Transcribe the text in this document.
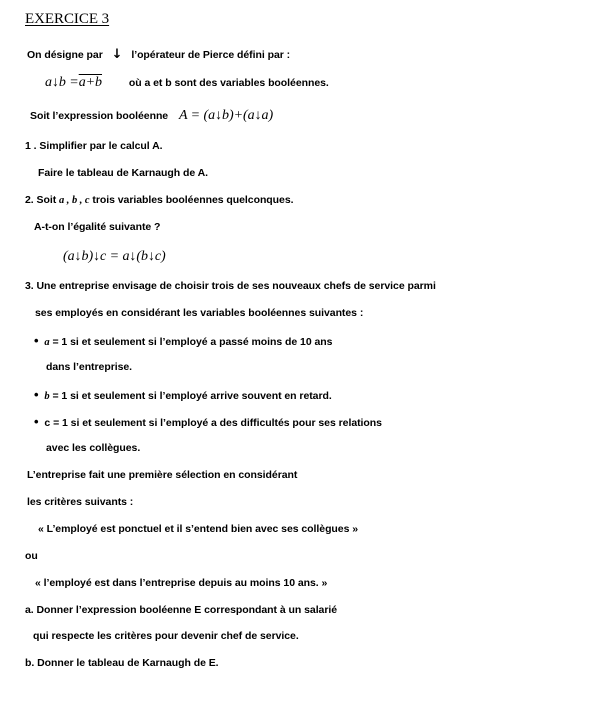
EXERCICE 3
On désigne par ↓ l’opérateur de Pierce défini par :
a↓b =a+b	où a et b sont des variables booléennes.
Soit l’expression booléenne A = (a↓b)+(a↓a)
1 . Simplifier par le calcul A.
Faire le tableau de Karnaugh de A.
2. Soit a , b , c trois variables booléennes quelconques.
A-t-on l’égalité suivante ?
(a↓b)↓c = a↓(b↓c)
3. Une entreprise envisage de choisir trois de ses nouveaux chefs de service parmi
ses employés en considérant les variables booléennes suivantes :
• a = 1 si et seulement si l’employé a passé moins de 10 ans
dans l’entreprise.
• b = 1 si et seulement si l’employé arrive souvent en retard.
• c = 1 si et seulement si l’employé a des difficultés pour ses relations
avec les collègues.
L’entreprise fait une première sélection en considérant
les critères suivants :
« L’employé est ponctuel et il s’entend bien avec ses collègues »
ou
« l’employé est dans l’entreprise depuis au moins 10 ans. »
a. Donner l’expression booléenne E correspondant à un salarié
qui respecte les critères pour devenir chef de service.
b. Donner le tableau de Karnaugh de E.
